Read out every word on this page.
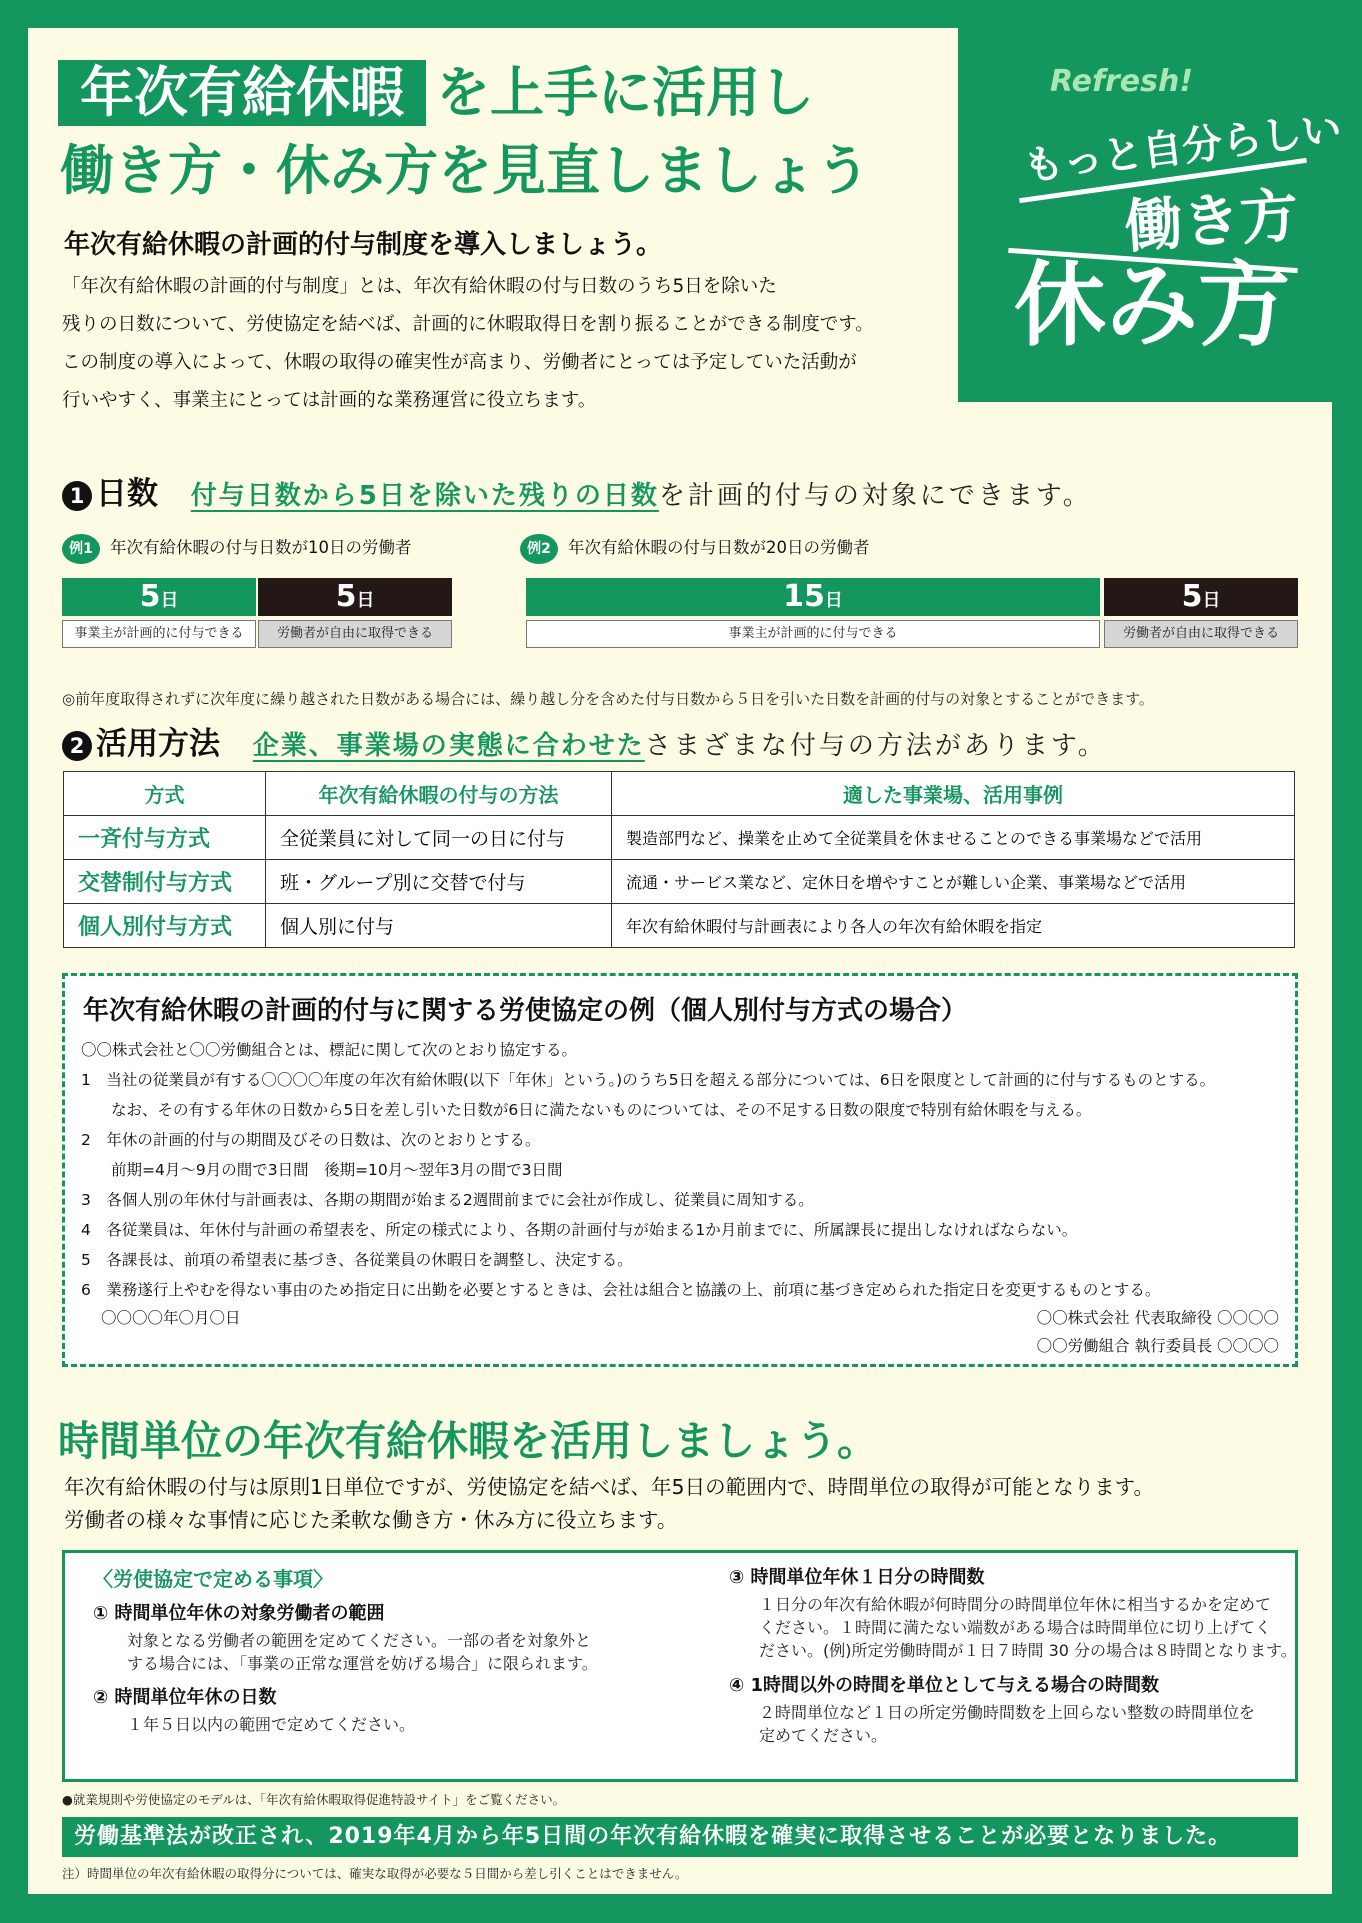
年次有給休暇 を上手に活用し
働き方・休み方を見直しましょう
年次有給休暇の計画的付与制度を導入しましょう。
「年次有給休暇の計画的付与制度」とは、年次有給休暇の付与日数のうち5日を除いた
残りの日数について、労使協定を結べば、計画的に休暇取得日を割り振ることができる制度です。
この制度の導入によって、休暇の取得の確実性が高まり、労働者にとっては予定していた活動が
行いやすく、事業主にとっては計画的な業務運営に役立ちます。
Refresh!
もっと自分らしい
働き方
休み方
1 日数 付与日数から5日を除いた残りの日数を計画的付与の対象にできます。
例1 年次有給休暇の付与日数が10日の労働者	例2 年次有給休暇の付与日数が20日の労働者
5日	5日
事業主が計画的に付与できる	労働者が自由に取得できる
15日	5日
事業主が計画的に付与できる	労働者が自由に取得できる
◎前年度取得されずに次年度に繰り越された日数がある場合には、繰り越し分を含めた付与日数から５日を引いた日数を計画的付与の対象とすることができます。
2 活用方法 企業、事業場の実態に合わせたさまざまな付与の方法があります。
方式	年次有給休暇の付与の方法	適した事業場、活用事例
一斉付与方式	全従業員に対して同一の日に付与	製造部門など、操業を止めて全従業員を休ませることのできる事業場などで活用
交替制付与方式	班・グループ別に交替で付与	流通・サービス業など、定休日を増やすことが難しい企業、事業場などで活用
個人別付与方式	個人別に付与	年次有給休暇付与計画表により各人の年次有給休暇を指定
年次有給休暇の計画的付与に関する労使協定の例（個人別付与方式の場合）
〇〇株式会社と〇〇労働組合とは、標記に関して次のとおり協定する。
1　当社の従業員が有する〇〇〇〇年度の年次有給休暇(以下「年休」という。)のうち5日を超える部分については、6日を限度として計画的に付与するものとする。
なお、その有する年休の日数から5日を差し引いた日数が6日に満たないものについては、その不足する日数の限度で特別有給休暇を与える。
2　年休の計画的付与の期間及びその日数は、次のとおりとする。
前期=4月～9月の間で3日間　後期=10月～翌年3月の間で3日間
3　各個人別の年休付与計画表は、各期の期間が始まる2週間前までに会社が作成し、従業員に周知する。
4　各従業員は、年休付与計画の希望表を、所定の様式により、各期の計画付与が始まる1か月前までに、所属課長に提出しなければならない。
5　各課長は、前項の希望表に基づき、各従業員の休暇日を調整し、決定する。
6　業務遂行上やむを得ない事由のため指定日に出勤を必要とするときは、会社は組合と協議の上、前項に基づき定められた指定日を変更するものとする。
〇〇〇〇年〇月〇日	〇〇株式会社 代表取締役 〇〇〇〇
〇〇労働組合 執行委員長 〇〇〇〇
時間単位の年次有給休暇を活用しましょう。
年次有給休暇の付与は原則1日単位ですが、労使協定を結べば、年5日の範囲内で、時間単位の取得が可能となります。
労働者の様々な事情に応じた柔軟な働き方・休み方に役立ちます。
〈労使協定で定める事項〉
① 時間単位年休の対象労働者の範囲
対象となる労働者の範囲を定めてください。一部の者を対象外と
する場合には、「事業の正常な運営を妨げる場合」に限られます。
② 時間単位年休の日数
１年５日以内の範囲で定めてください。
③ 時間単位年休１日分の時間数
１日分の年次有給休暇が何時間分の時間単位年休に相当するかを定めて
ください。１時間に満たない端数がある場合は時間単位に切り上げてく
ださい。(例)所定労働時間が１日７時間 30 分の場合は８時間となります。
④ 1時間以外の時間を単位として与える場合の時間数
２時間単位など１日の所定労働時間数を上回らない整数の時間単位を
定めてください。
●就業規則や労使協定のモデルは、「年次有給休暇取得促進特設サイト」をご覧ください。
労働基準法が改正され、2019年4月から年5日間の年次有給休暇を確実に取得させることが必要となりました。
注）時間単位の年次有給休暇の取得分については、確実な取得が必要な５日間から差し引くことはできません。
